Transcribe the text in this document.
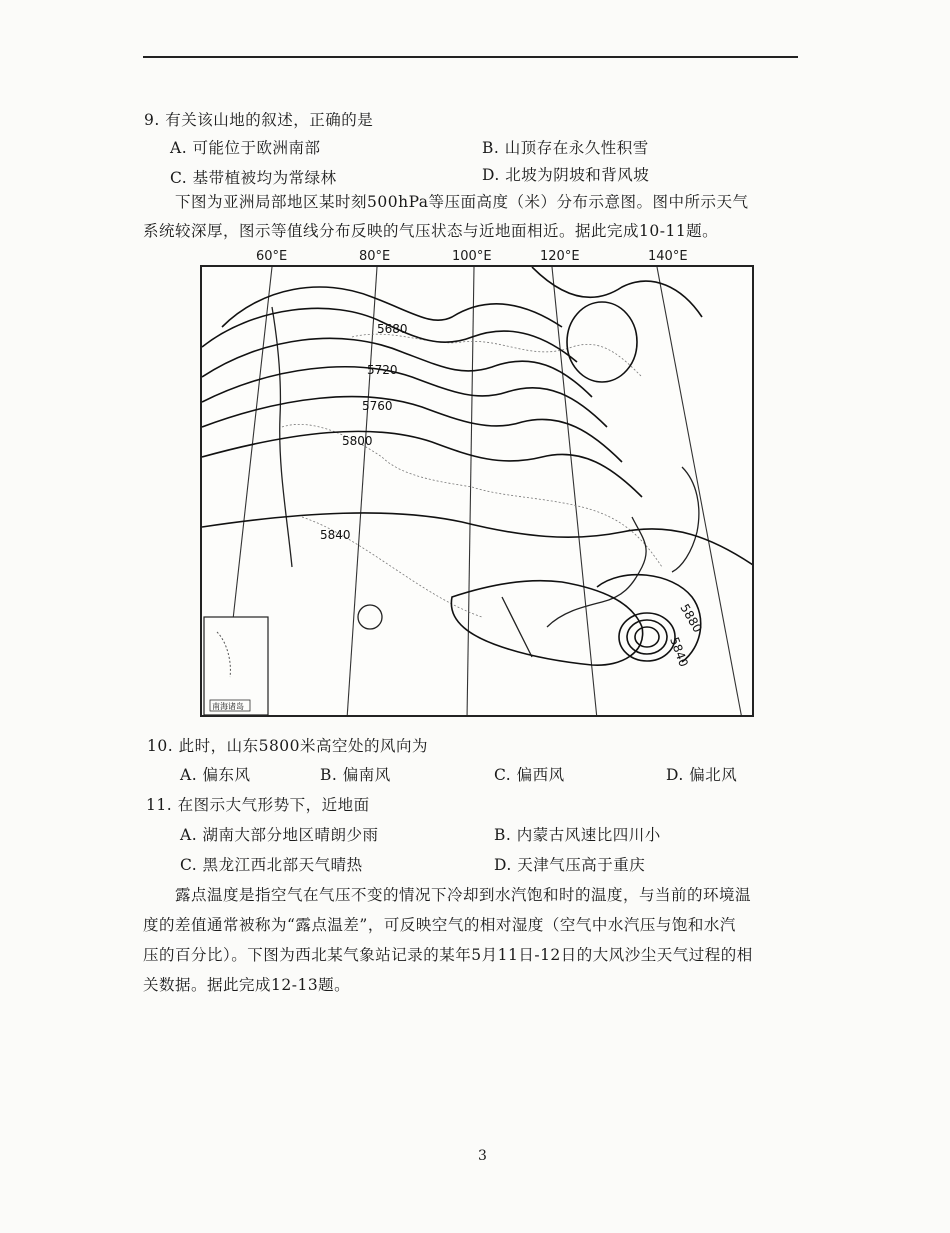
9. 有关该山地的叙述，正确的是
A. 可能位于欧洲南部	B. 山顶存在永久性积雪
C. 基带植被均为常绿林	D. 北坡为阴坡和背风坡
下图为亚洲局部地区某时刻500hPa等压面高度（米）分布示意图。图中所示天气
系统较深厚，图示等值线分布反映的气压状态与近地面相近。据此完成10-11题。
60°E	80°E	100°E	120°E	140°E
5680
5720
5760
5800
5840
5840
5880
南海诸岛
10. 此时，山东5800米高空处的风向为
A. 偏东风	B. 偏南风	C. 偏西风	D. 偏北风
11. 在图示大气形势下，近地面
A. 湖南大部分地区晴朗少雨	B. 内蒙古风速比四川小
C. 黑龙江西北部天气晴热	D. 天津气压高于重庆
露点温度是指空气在气压不变的情况下冷却到水汽饱和时的温度，与当前的环境温
度的差值通常被称为“露点温差”，可反映空气的相对湿度（空气中水汽压与饱和水汽
压的百分比）。下图为西北某气象站记录的某年5月11日-12日的大风沙尘天气过程的相
关数据。据此完成12-13题。
3
